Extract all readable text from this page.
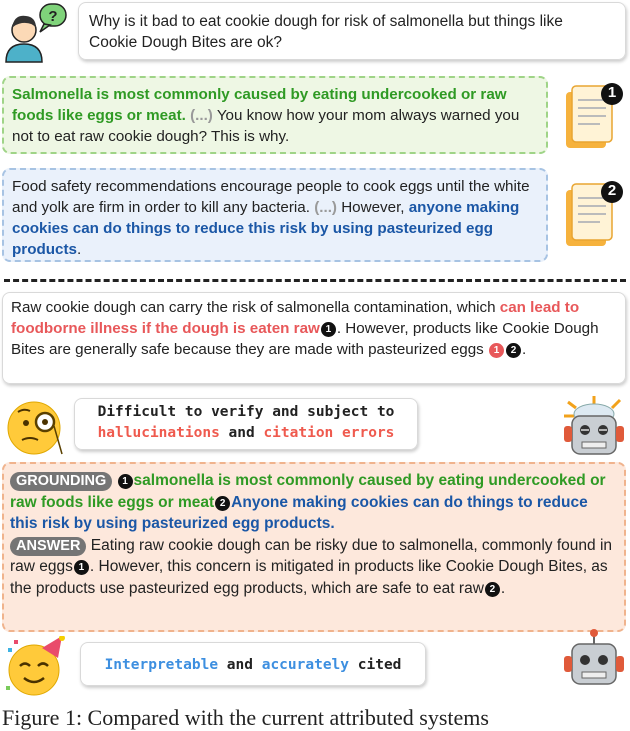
?	Why is it bad to eat cookie dough for risk of salmonella but things like Cookie Dough Bites are ok?
Salmonella is most commonly caused by eating undercooked or raw foods like eggs or meat. (...) You know how your mom always warned you not to eat raw cookie dough? This is why.
1
Food safety recommendations encourage people to cook eggs until the white and yolk are firm in order to kill any bacteria. (...) However, anyone making cookies can do things to reduce this risk by using pasteurized egg products.
2
Raw cookie dough can carry the risk of salmonella contamination, which can lead to foodborne illness if the dough is eaten raw 1 . However, products like Cookie Dough Bites are generally safe because they are made with pasteurized eggs 1 2 .
Difficult to verify and subject to
hallucinations and citation errors
GROUNDING 1 salmonella is most commonly caused by eating undercooked or raw foods like eggs or meat 2 Anyone making cookies can do things to reduce this risk by using pasteurized egg products.
ANSWER Eating raw cookie dough can be risky due to salmonella, commonly found in raw eggs 1 . However, this concern is mitigated in products like Cookie Dough Bites, as the products use pasteurized egg products, which are safe to eat raw 2 .
Interpretable and accurately cited
Figure 1: Compared with the current attributed systems
